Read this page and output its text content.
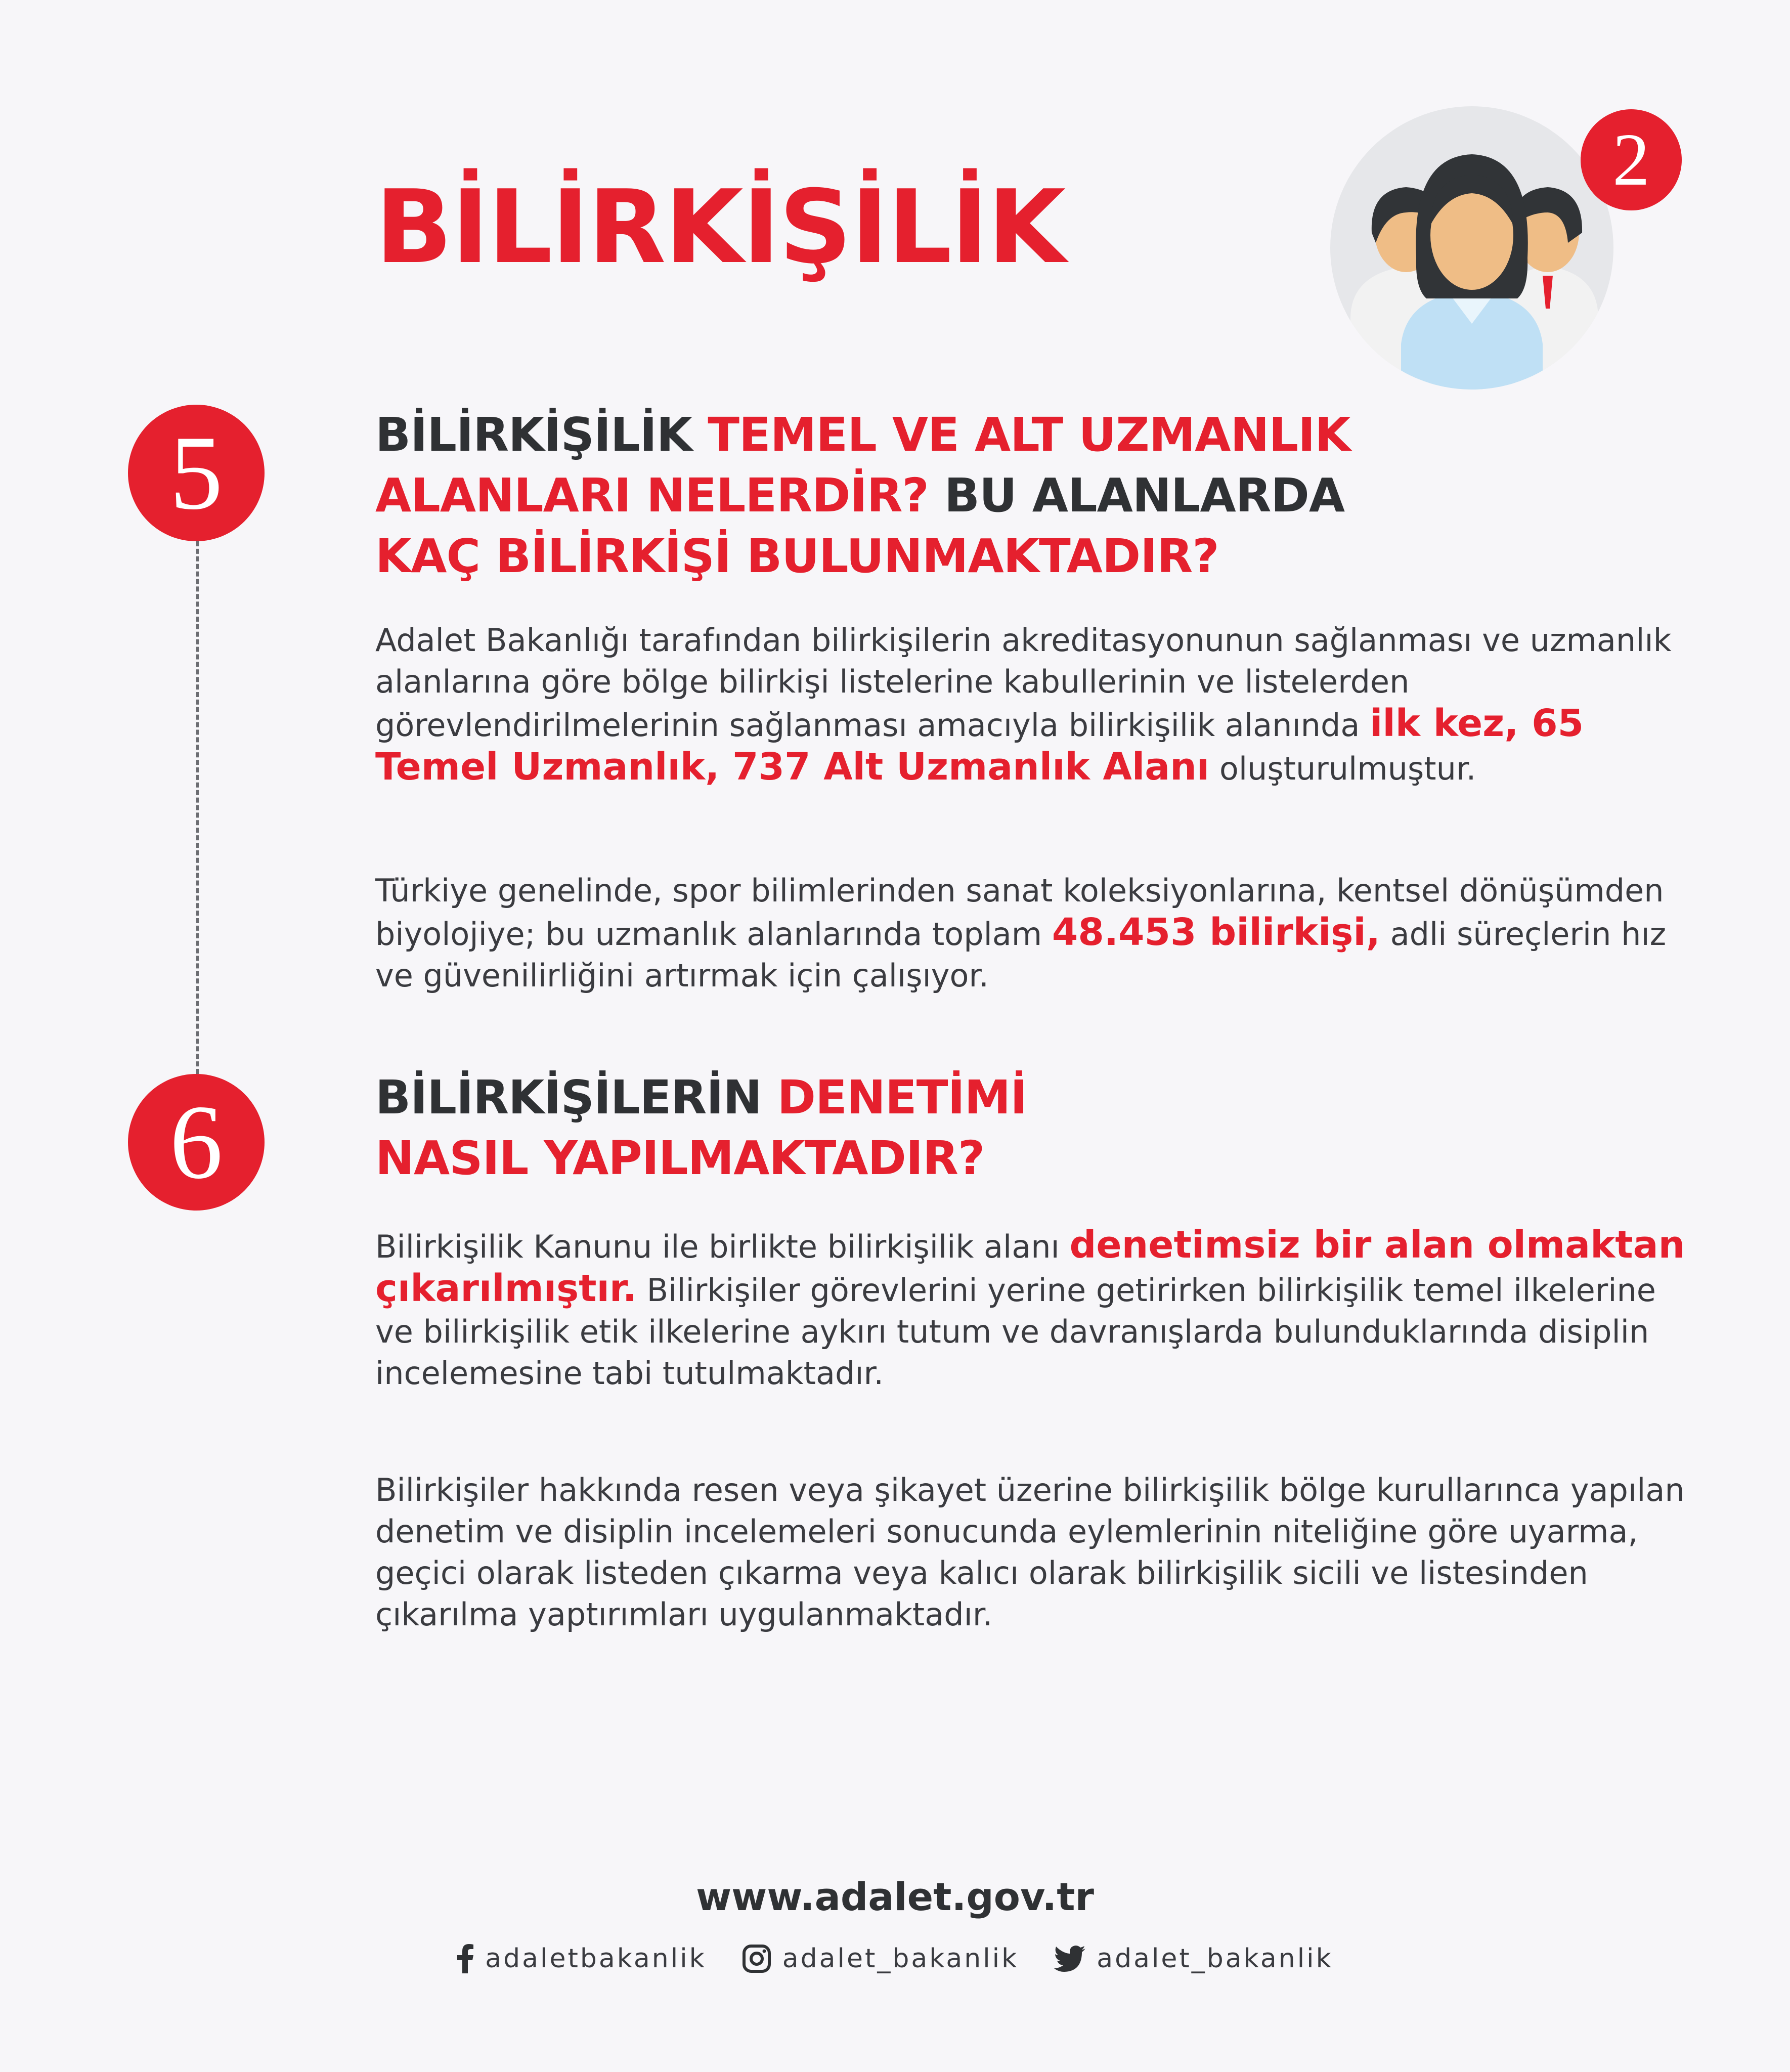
BİLİRKİŞİLİK
2
5
6
BİLİRKİŞİLİK TEMEL VE ALT UZMANLIK
ALANLARI NELERDİR? BU ALANLARDA
KAÇ BİLİRKİŞİ BULUNMAKTADIR?

Adalet Bakanlığı tarafından bilirkişilerin akreditasyonunun sağlanması ve uzmanlık alanlarına göre bölge bilirkişi listelerine kabullerinin ve listelerden görevlendirilmelerinin sağlanması amacıyla bilirkişilik alanında ilk kez, 65 Temel Uzmanlık, 737 Alt Uzmanlık Alanı oluşturulmuştur.

Türkiye genelinde, spor bilimlerinden sanat koleksiyonlarına, kentsel dönüşümden biyolojiye; bu uzmanlık alanlarında toplam 48.453 bilirkişi, adli süreçlerin hız ve güvenilirliğini artırmak için çalışıyor.

BİLİRKİŞİLERİN DENETİMİ
NASIL YAPILMAKTADIR?

Bilirkişilik Kanunu ile birlikte bilirkişilik alanı denetimsiz bir alan olmaktan çıkarılmıştır. Bilirkişiler görevlerini yerine getirirken bilirkişilik temel ilkelerine ve bilirkişilik etik ilkelerine aykırı tutum ve davranışlarda bulunduklarında disiplin incelemesine tabi tutulmaktadır.

Bilirkişiler hakkında resen veya şikayet üzerine bilirkişilik bölge kurullarınca yapılan denetim ve disiplin incelemeleri sonucunda eylemlerinin niteliğine göre uyarma, geçici olarak listeden çıkarma veya kalıcı olarak bilirkişilik sicili ve listesinden çıkarılma yaptırımları uygulanmaktadır.

www.adalet.gov.tr
adaletbakanlik	adalet_bakanlik	adalet_bakanlik
